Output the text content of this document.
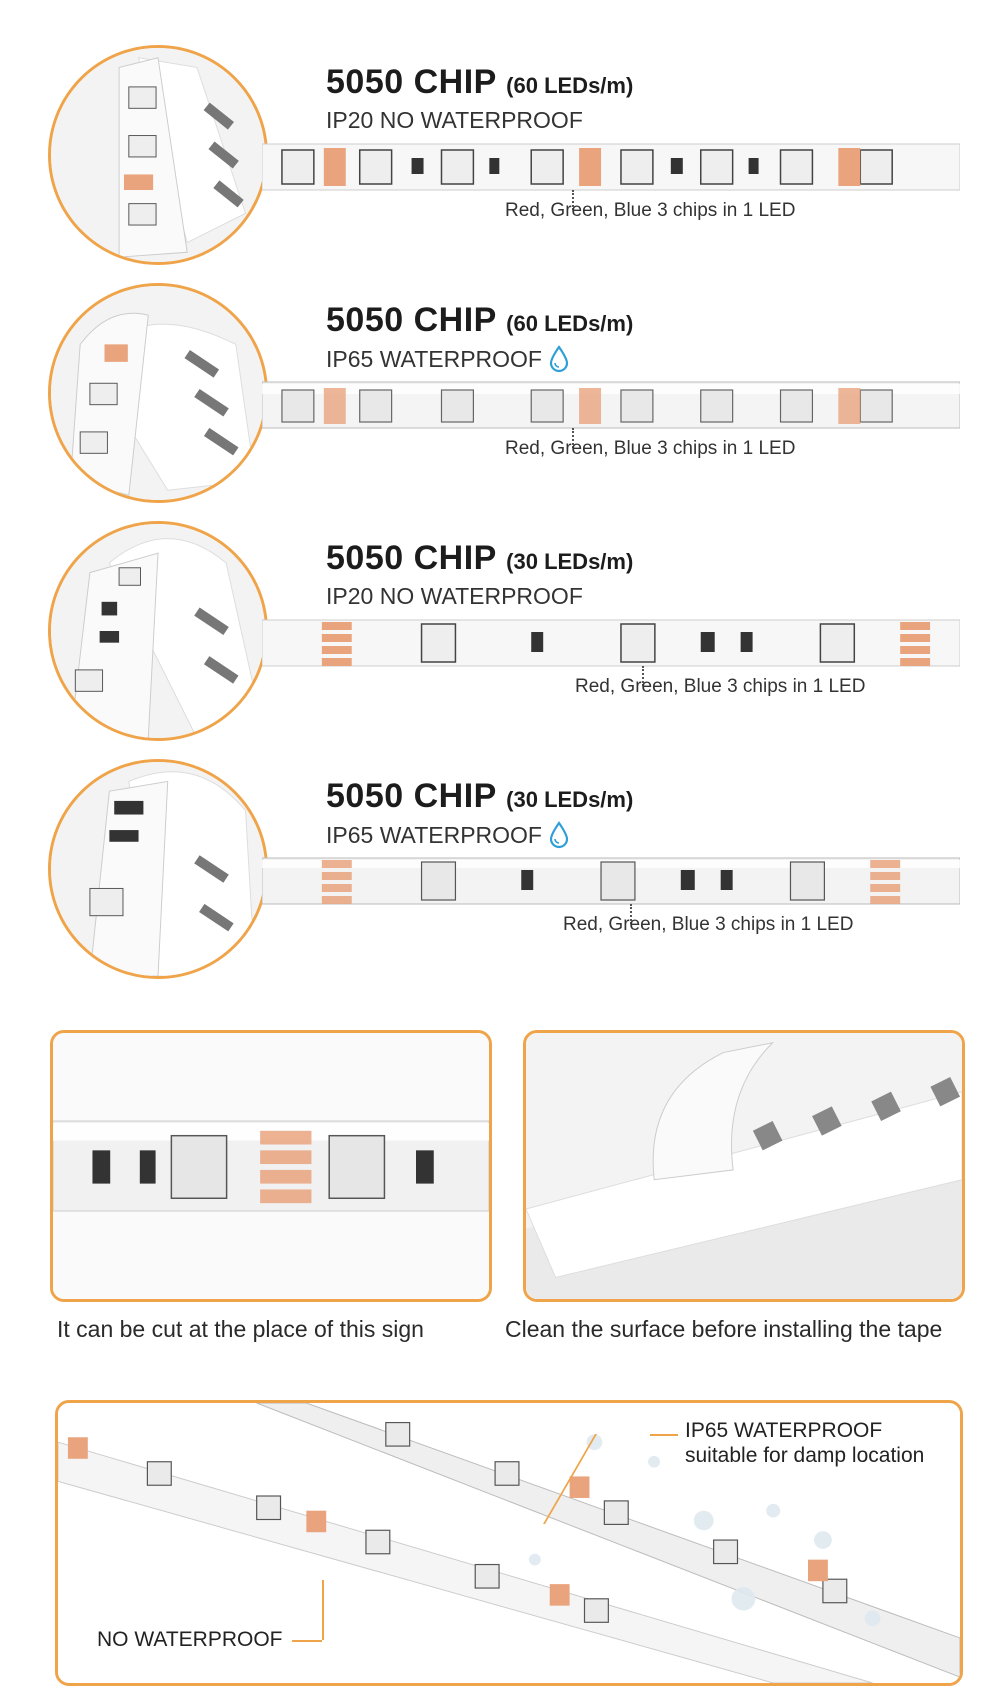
5050 CHIP (60 LEDs/m)
IP20 NO WATERPROOF
Red, Green, Blue 3 chips in 1 LED
5050 CHIP (60 LEDs/m)
IP65 WATERPROOF
Red, Green, Blue 3 chips in 1 LED
5050 CHIP (30 LEDs/m)
IP20 NO WATERPROOF
Red, Green, Blue 3 chips in 1 LED
5050 CHIP (30 LEDs/m)
IP65 WATERPROOF
Red, Green, Blue 3 chips in 1 LED
It can be cut at the place of this sign	Clean the surface before installing the tape
IP65 WATERPROOF
suitable for damp location
NO WATERPROOF
